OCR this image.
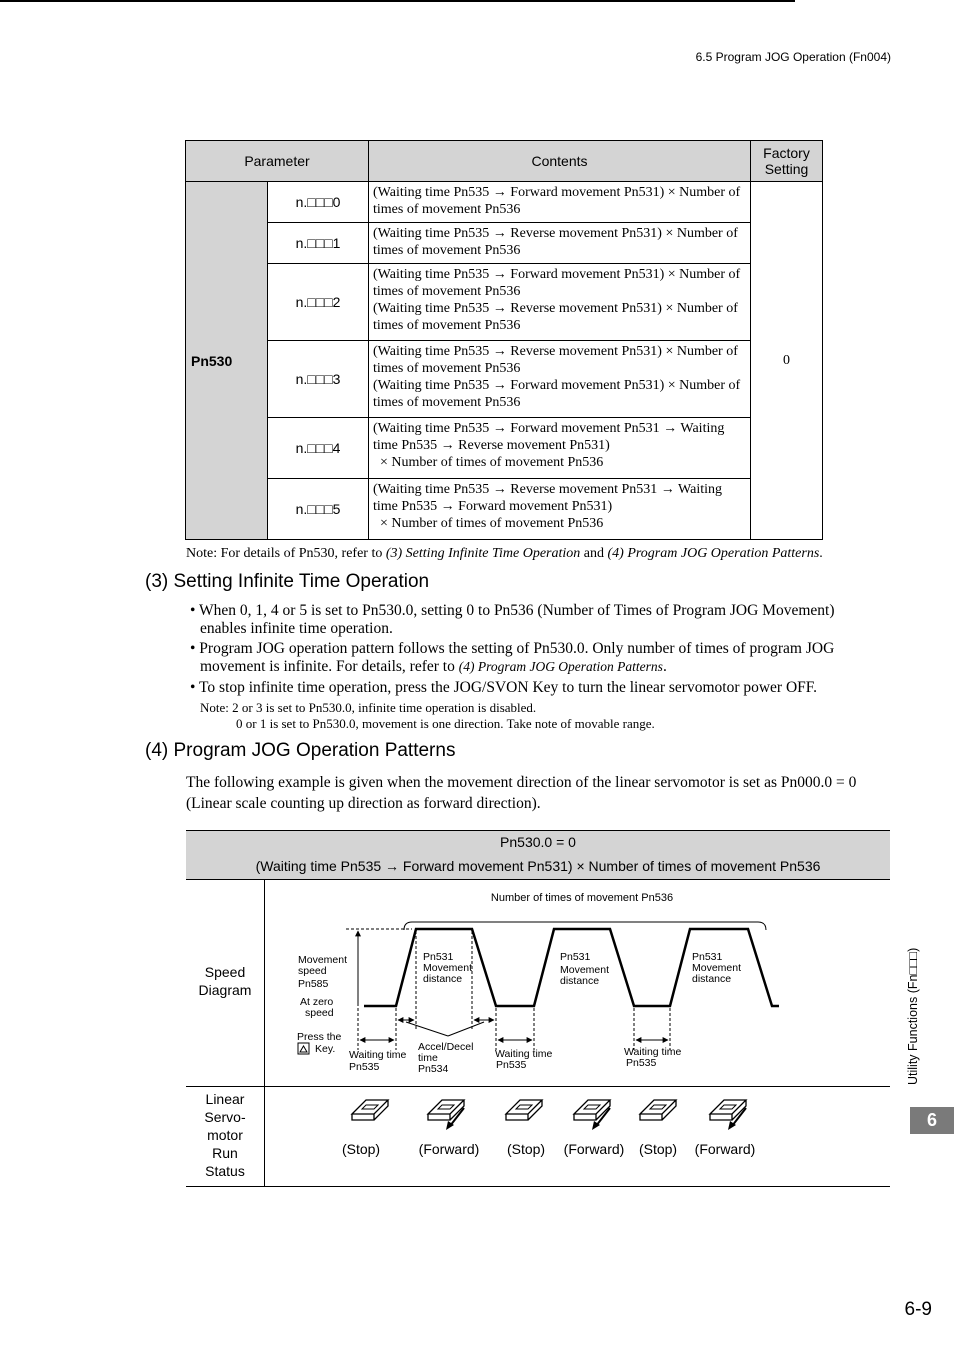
6.5 Program JOG Operation (Fn004)
Parameter		Contents	Factory
Setting
Pn530	n.□□□0	(Waiting time Pn535 → Forward movement Pn531) × Number of times of movement Pn536	0
	n.□□□1	(Waiting time Pn535 → Reverse movement Pn531) × Number of times of movement Pn536	

	n.□□□2	(Waiting time Pn535 → Forward movement Pn531) × Number of times of movement Pn536

(Waiting time Pn535 → Reverse movement Pn531) × Number of times of movement Pn536	

	n.□□□3	(Waiting time Pn535 → Reverse movement Pn531) × Number of times of movement Pn536

(Waiting time Pn535 → Forward movement Pn531) × Number of times of movement Pn536	

	n.□□□4	(Waiting time Pn535 → Forward movement Pn531 → Waiting time Pn535 → Reverse movement Pn531)

× Number of times of movement Pn536	

	n.□□□5	(Waiting time Pn535 → Reverse movement Pn531 → Waiting time Pn535 → Forward movement Pn531)

× Number of times of movement Pn536	

Note: For details of Pn530, refer to (3) Setting Infinite Time Operation and (4) Program JOG Operation Patterns.
(3) Setting Infinite Time Operation
• When 0, 1, 4 or 5 is set to Pn530.0, setting 0 to Pn536 (Number of Times of Program JOG Movement) enables infinite time operation.
• Program JOG operation pattern follows the setting of Pn530.0. Only number of times of program JOG movement is infinite. For details, refer to (4) Program JOG Operation Patterns.
• To stop infinite time operation, press the JOG/SVON Key to turn the linear servomotor power OFF.
Note: 2 or 3 is set to Pn530.0, infinite time operation is disabled.
0 or 1 is set to Pn530.0, movement is one direction. Take note of movable range.
(4) Program JOG Operation Patterns
The following example is given when the movement direction of the linear servomotor is set as Pn000.0 = 0 (Linear scale counting up direction as forward direction).
Pn530.0 = 0
(Waiting time Pn535 → Forward movement Pn531) × Number of times of movement Pn536
Speed
Diagram
Linear
Servo-
motor
Run
Status
Number of times of movement Pn536
Movement speed Pn585
At zero speed
Press the Key.
Pn531 Movement distance
Pn531 Movement distance
Pn531 Movement distance
Waiting time Pn535
Waiting time Pn535
Waiting time Pn535
Accel/Decel time Pn534
(Stop)	(Forward) (Stop) (Forward) (Stop) (Forward)
Utility Functions (Fn□□□)
6
6-9
